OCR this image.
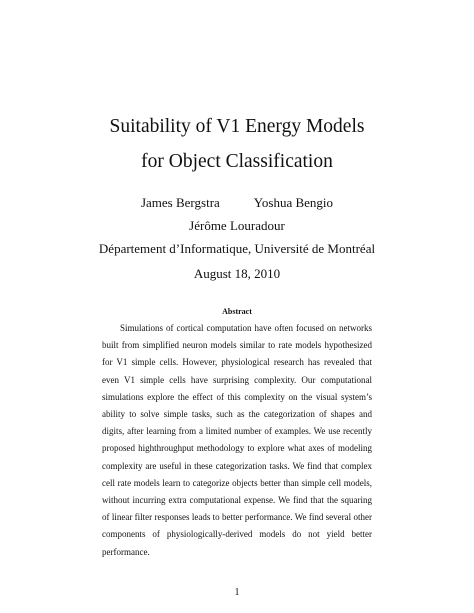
Suitability of V1 Energy Models
for Object Classification
James Bergstra	Yoshua Bengio
Jérôme Louradour
Département d’Informatique, Université de Montréal
August 18, 2010
Abstract

Simulations of cortical computation have often focused on networks built from simplified neuron models similar to rate models hypothesized for V1 simple cells. However, physiological research has revealed that even V1 simple cells have surprising complexity. Our computational simulations explore the effect of this complexity on the visual system’s ability to solve simple tasks, such as the categorization of shapes and digits, after learning from a limited number of examples. We use recently proposed highthroughput methodology to explore what axes of modeling complexity are useful in these categorization tasks. We find that complex cell rate models learn to categorize objects better than simple cell models, without incurring extra computational expense. We find that the squaring of linear filter responses leads to better performance. We find several other components of physiologically-derived models do not yield better performance.

1
